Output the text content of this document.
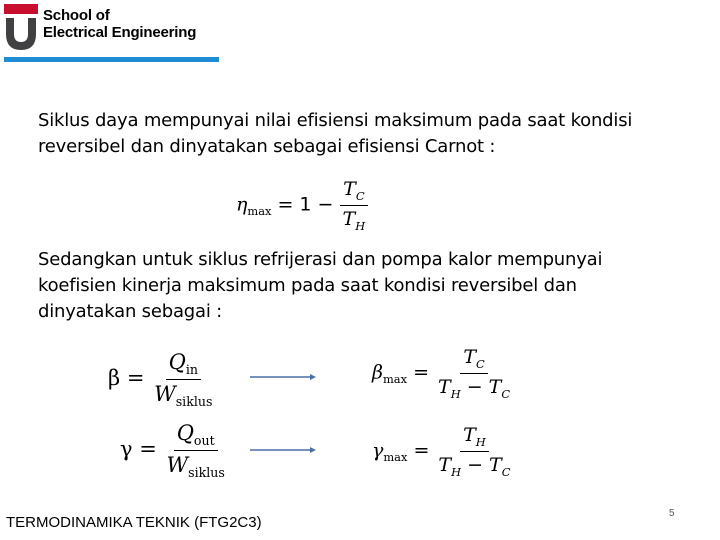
School of
Electrical Engineering
Siklus daya mempunyai nilai efisiensi maksimum pada saat kondisi reversibel dan dinyatakan sebagai efisiensi Carnot :
$\eta_{max} = 1 - \frac{T_C}{T_H}$
Sedangkan untuk siklus refrijerasi dan pompa kalor mempunyai koefisien kinerja maksimum pada saat kondisi reversibel dan dinyatakan sebagai :
$\beta = \frac{Q_{in}}{W_{siklus}}$
$\gamma = \frac{Q_{out}}{W_{siklus}}$
$\beta_{max} = \frac{T_C}{T_H - T_C}$
$\gamma_{max} = \frac{T_H}{T_H - T_C}$
TERMODINAMIKA TEKNIK (FTG2C3)
5
